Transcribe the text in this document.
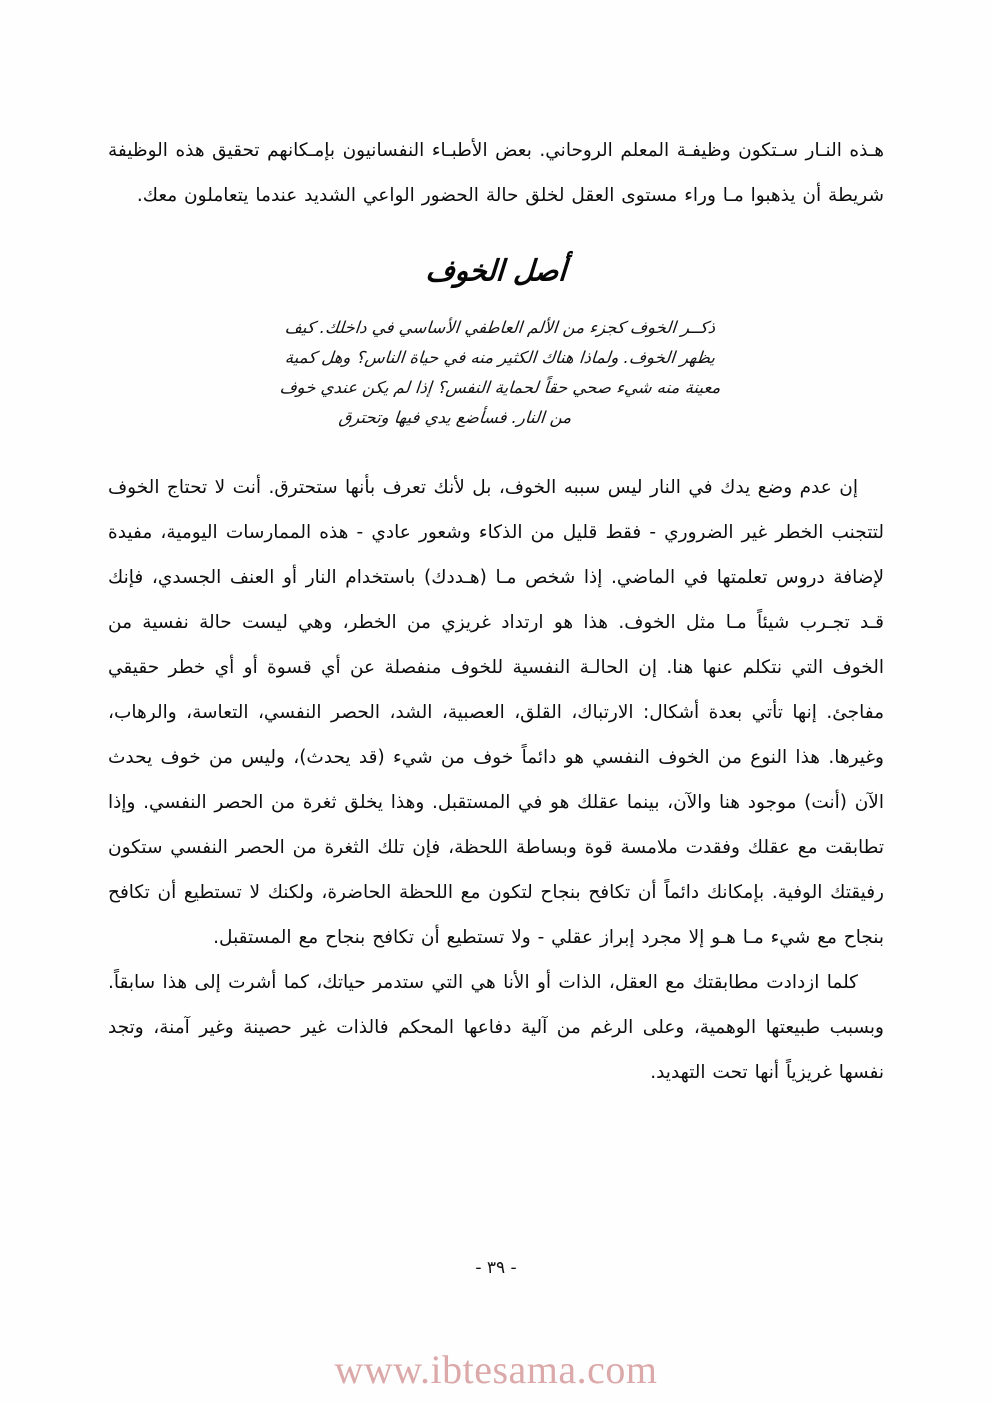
هـذه النـار سـتكون وظيفـة المعلم الروحاني. بعض الأطبـاء النفسانيون بإمـكانهم تحقيق هذه الوظيفة شريطة أن يذهبوا مـا وراء مستوى العقل لخلق حالة الحضور الواعي الشديد عندما يتعاملون معك.

أصل الخوف
ذكــر الخوف كجزء من الألم العاطفي الأساسي في داخلك. كيف
يظهر الخوف. ولماذا هناك الكثير منه في حياة الناس؟ وهل كمية
معينة منه شيء صحي حقاً لحماية النفس؟ إذا لم يكن عندي خوف
من النار. فسأضع يدي فيها وتحترق

إن عدم وضع يدك في النار ليس سببه الخوف، بل لأنك تعرف بأنها ستحترق. أنت لا تحتاج الخوف لتتجنب الخطر غير الضروري - فقط قليل من الذكاء وشعور عادي - هذه الممارسات اليومية، مفيدة لإضافة دروس تعلمتها في الماضي. إذا شخص مـا (هـددك) باستخدام النار أو العنف الجسدي، فإنك قـد تجـرب شيئاً مـا مثل الخوف. هذا هو ارتداد غريزي من الخطر، وهي ليست حالة نفسية من الخوف التي نتكلم عنها هنا. إن الحالـة النفسية للخوف منفصلة عن أي قسوة أو أي خطر حقيقي مفاجئ. إنها تأتي بعدة أشكال: الارتباك، القلق، العصبية، الشد، الحصر النفسي، التعاسة، والرهاب، وغيرها. هذا النوع من الخوف النفسي هو دائماً خوف من شيء (قد يحدث)، وليس من خوف يحدث الآن (أنت) موجود هنا والآن، بينما عقلك هو في المستقبل. وهذا يخلق ثغرة من الحصر النفسي. وإذا تطابقت مع عقلك وفقدت ملامسة قوة وبساطة اللحظة، فإن تلك الثغرة من الحصر النفسي ستكون رفيقتك الوفية. بإمكانك دائماً أن تكافح بنجاح لتكون مع اللحظة الحاضرة، ولكنك لا تستطيع أن تكافح بنجاح مع شيء مـا هـو إلا مجرد إبراز عقلي - ولا تستطيع أن تكافح بنجاح مع المستقبل.

كلما ازدادت مطابقتك مع العقل، الذات أو الأنا هي التي ستدمر حياتك، كما أشرت إلى هذا سابقاً. وبسبب طبيعتها الوهمية، وعلى الرغم من آلية دفاعها المحكم فالذات غير حصينة وغير آمنة، وتجد نفسها غريزياً أنها تحت التهديد.

- ٣٩ -
www.ibtesama.com
